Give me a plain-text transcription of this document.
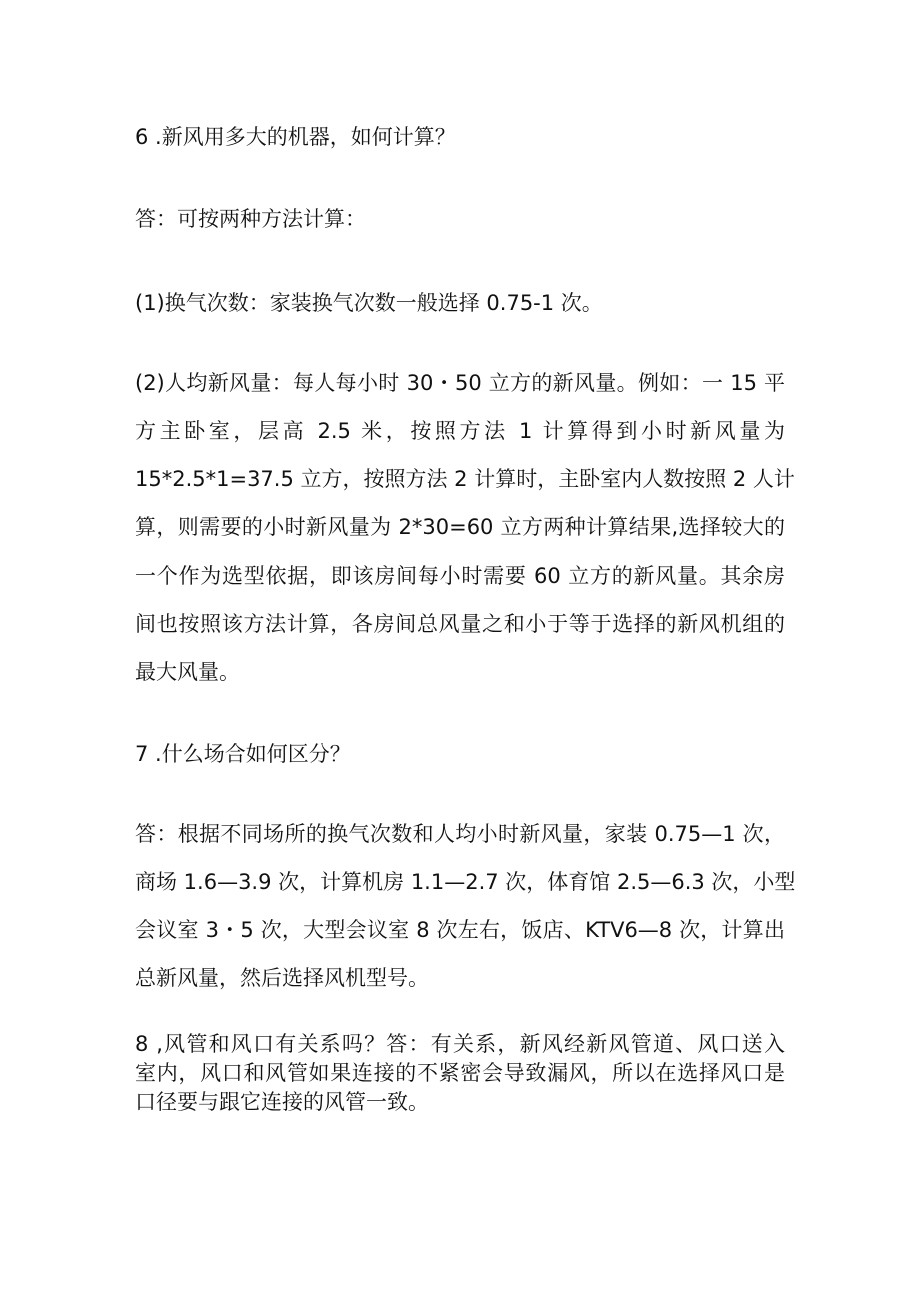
6 .新风用多大的机器，如何计算？
答：可按两种方法计算：
(1)换气次数：家装换气次数一般选择 0.75-1 次。
(2)人均新风量：每人每小时 30・50 立方的新风量。例如：一 15 平
方主卧室，层高 2.5 米，按照方法 1 计算得到小时新风量为
15*2.5*1=37.5 立方，按照方法 2 计算时，主卧室内人数按照 2 人计
算，则需要的小时新风量为 2*30=60 立方两种计算结果,选择较大的
一个作为选型依据，即该房间每小时需要 60 立方的新风量。其余房
间也按照该方法计算，各房间总风量之和小于等于选择的新风机组的
最大风量。
7 .什么场合如何区分？
答：根据不同场所的换气次数和人均小时新风量，家装 0.75—1 次，
商场 1.6—3.9 次，计算机房 1.1—2.7 次，体育馆 2.5—6.3 次，小型
会议室 3・5 次，大型会议室 8 次左右，饭店、KTV6—8 次，计算出
总新风量，然后选择风机型号。
8 ,风管和风口有关系吗？答：有关系，新风经新风管道、风口送入
室内，风口和风管如果连接的不紧密会导致漏风，所以在选择风口是
口径要与跟它连接的风管一致。
